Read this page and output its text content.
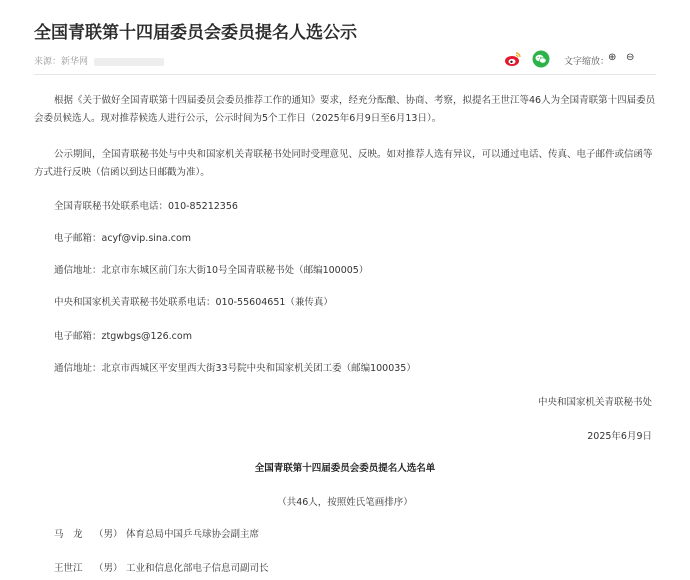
全国青联第十四届委员会委员提名人选公示
来源：新华网	文字缩放：
⊕ ⊖

根据《关于做好全国青联第十四届委员会委员推荐工作的通知》要求，经充分酝酿、协商、考察，拟提名王世江等46人为全国青联第十四届委员会委员候选人。现对推荐候选人进行公示，公示时间为5个工作日（2025年6月9日至6月13日）。

公示期间，全国青联秘书处与中央和国家机关青联秘书处同时受理意见、反映。如对推荐人选有异议，可以通过电话、传真、电子邮件或信函等方式进行反映（信函以到达日邮戳为准）。

全国青联秘书处联系电话：010-85212356
电子邮箱：acyf@vip.sina.com
通信地址：北京市东城区前门东大街10号全国青联秘书处（邮编100005）
中央和国家机关青联秘书处联系电话：010-55604651（兼传真）
电子邮箱：ztgwbgs@126.com
通信地址：北京市西城区平安里西大街33号院中央和国家机关团工委（邮编100035）
中央和国家机关青联秘书处
2025年6月9日
全国青联第十四届委员会委员提名人选名单
（共46人，按照姓氏笔画排序）
马　龙 （男） 体育总局中国乒乓球协会副主席
王世江 （男） 工业和信息化部电子信息司副司长
